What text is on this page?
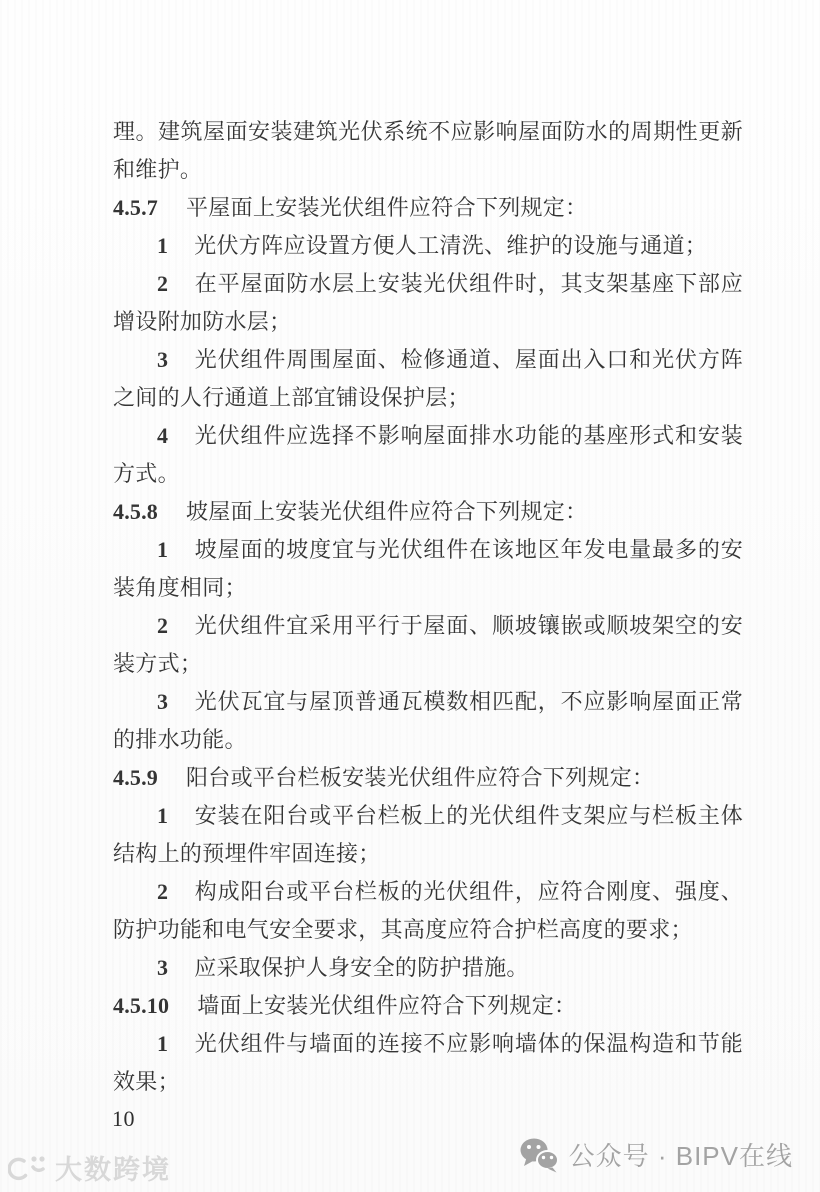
理。建筑屋面安装建筑光伏系统不应影响屋面防水的周期性更新和维护。

4.5.7 平屋面上安装光伏组件应符合下列规定：

1 光伏方阵应设置方便人工清洗、维护的设施与通道；

2 在平屋面防水层上安装光伏组件时，其支架基座下部应增设附加防水层；

3 光伏组件周围屋面、检修通道、屋面出入口和光伏方阵之间的人行通道上部宜铺设保护层；

4 光伏组件应选择不影响屋面排水功能的基座形式和安装方式。

4.5.8 坡屋面上安装光伏组件应符合下列规定：

1 坡屋面的坡度宜与光伏组件在该地区年发电量最多的安装角度相同；

2 光伏组件宜采用平行于屋面、顺坡镶嵌或顺坡架空的安装方式；

3 光伏瓦宜与屋顶普通瓦模数相匹配，不应影响屋面正常的排水功能。

4.5.9 阳台或平台栏板安装光伏组件应符合下列规定：

1 安装在阳台或平台栏板上的光伏组件支架应与栏板主体结构上的预埋件牢固连接；

2 构成阳台或平台栏板的光伏组件，应符合刚度、强度、防护功能和电气安全要求，其高度应符合护栏高度的要求；

3 应采取保护人身安全的防护措施。

4.5.10 墙面上安装光伏组件应符合下列规定：

1 光伏组件与墙面的连接不应影响墙体的保温构造和节能效果；

10
大数跨境	公众号 · BIPV在线
